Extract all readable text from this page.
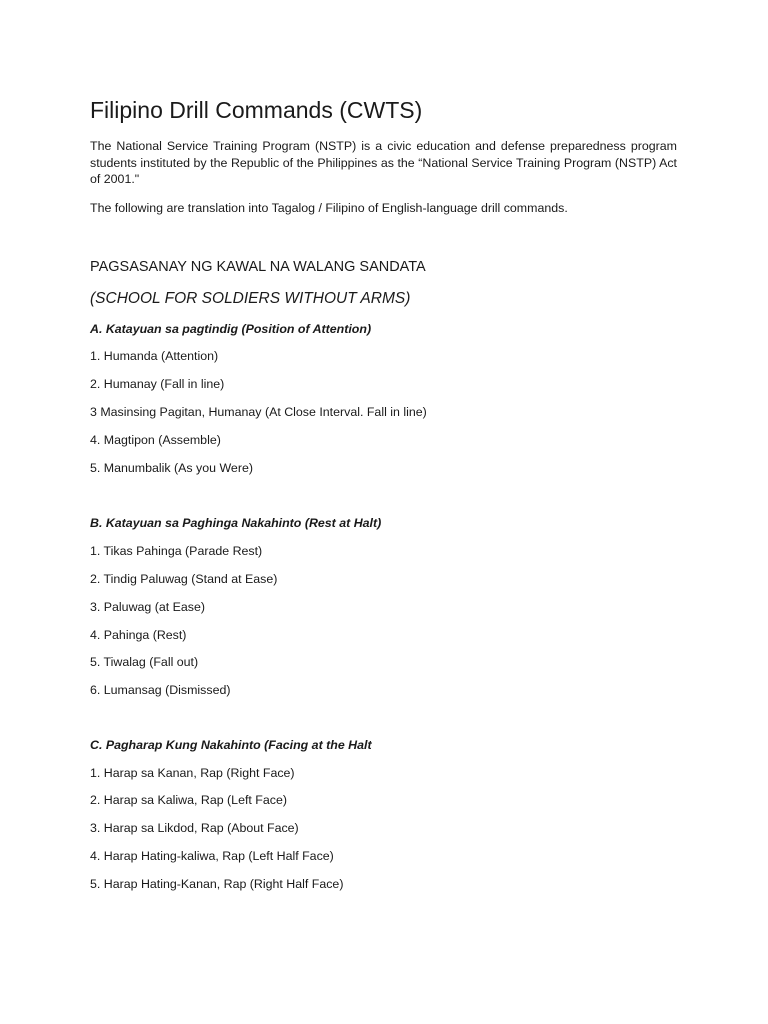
Filipino Drill Commands (CWTS)

The National Service Training Program (NSTP) is a civic education and defense preparedness program students instituted by the Republic of the Philippines as the “National Service Training Program (NSTP) Act of 2001."

The following are translation into Tagalog / Filipino of English-language drill commands.

PAGSASANAY NG KAWAL NA WALANG SANDATA
(SCHOOL FOR SOLDIERS WITHOUT ARMS)

A. Katayuan sa pagtindig (Position of Attention)

1. Humanda (Attention)

2. Humanay (Fall in line)

3 Masinsing Pagitan, Humanay (At Close Interval. Fall in line)

4. Magtipon (Assemble)

5. Manumbalik (As you Were)

B. Katayuan sa Paghinga Nakahinto (Rest at Halt)

1. Tikas Pahinga (Parade Rest)

2. Tindig Paluwag (Stand at Ease)

3. Paluwag (at Ease)

4. Pahinga (Rest)

5. Tiwalag (Fall out)

6. Lumansag (Dismissed)

C. Pagharap Kung Nakahinto (Facing at the Halt

1. Harap sa Kanan, Rap (Right Face)

2. Harap sa Kaliwa, Rap (Left Face)

3. Harap sa Likdod, Rap (About Face)

4. Harap Hating-kaliwa, Rap (Left Half Face)

5. Harap Hating-Kanan, Rap (Right Half Face)
